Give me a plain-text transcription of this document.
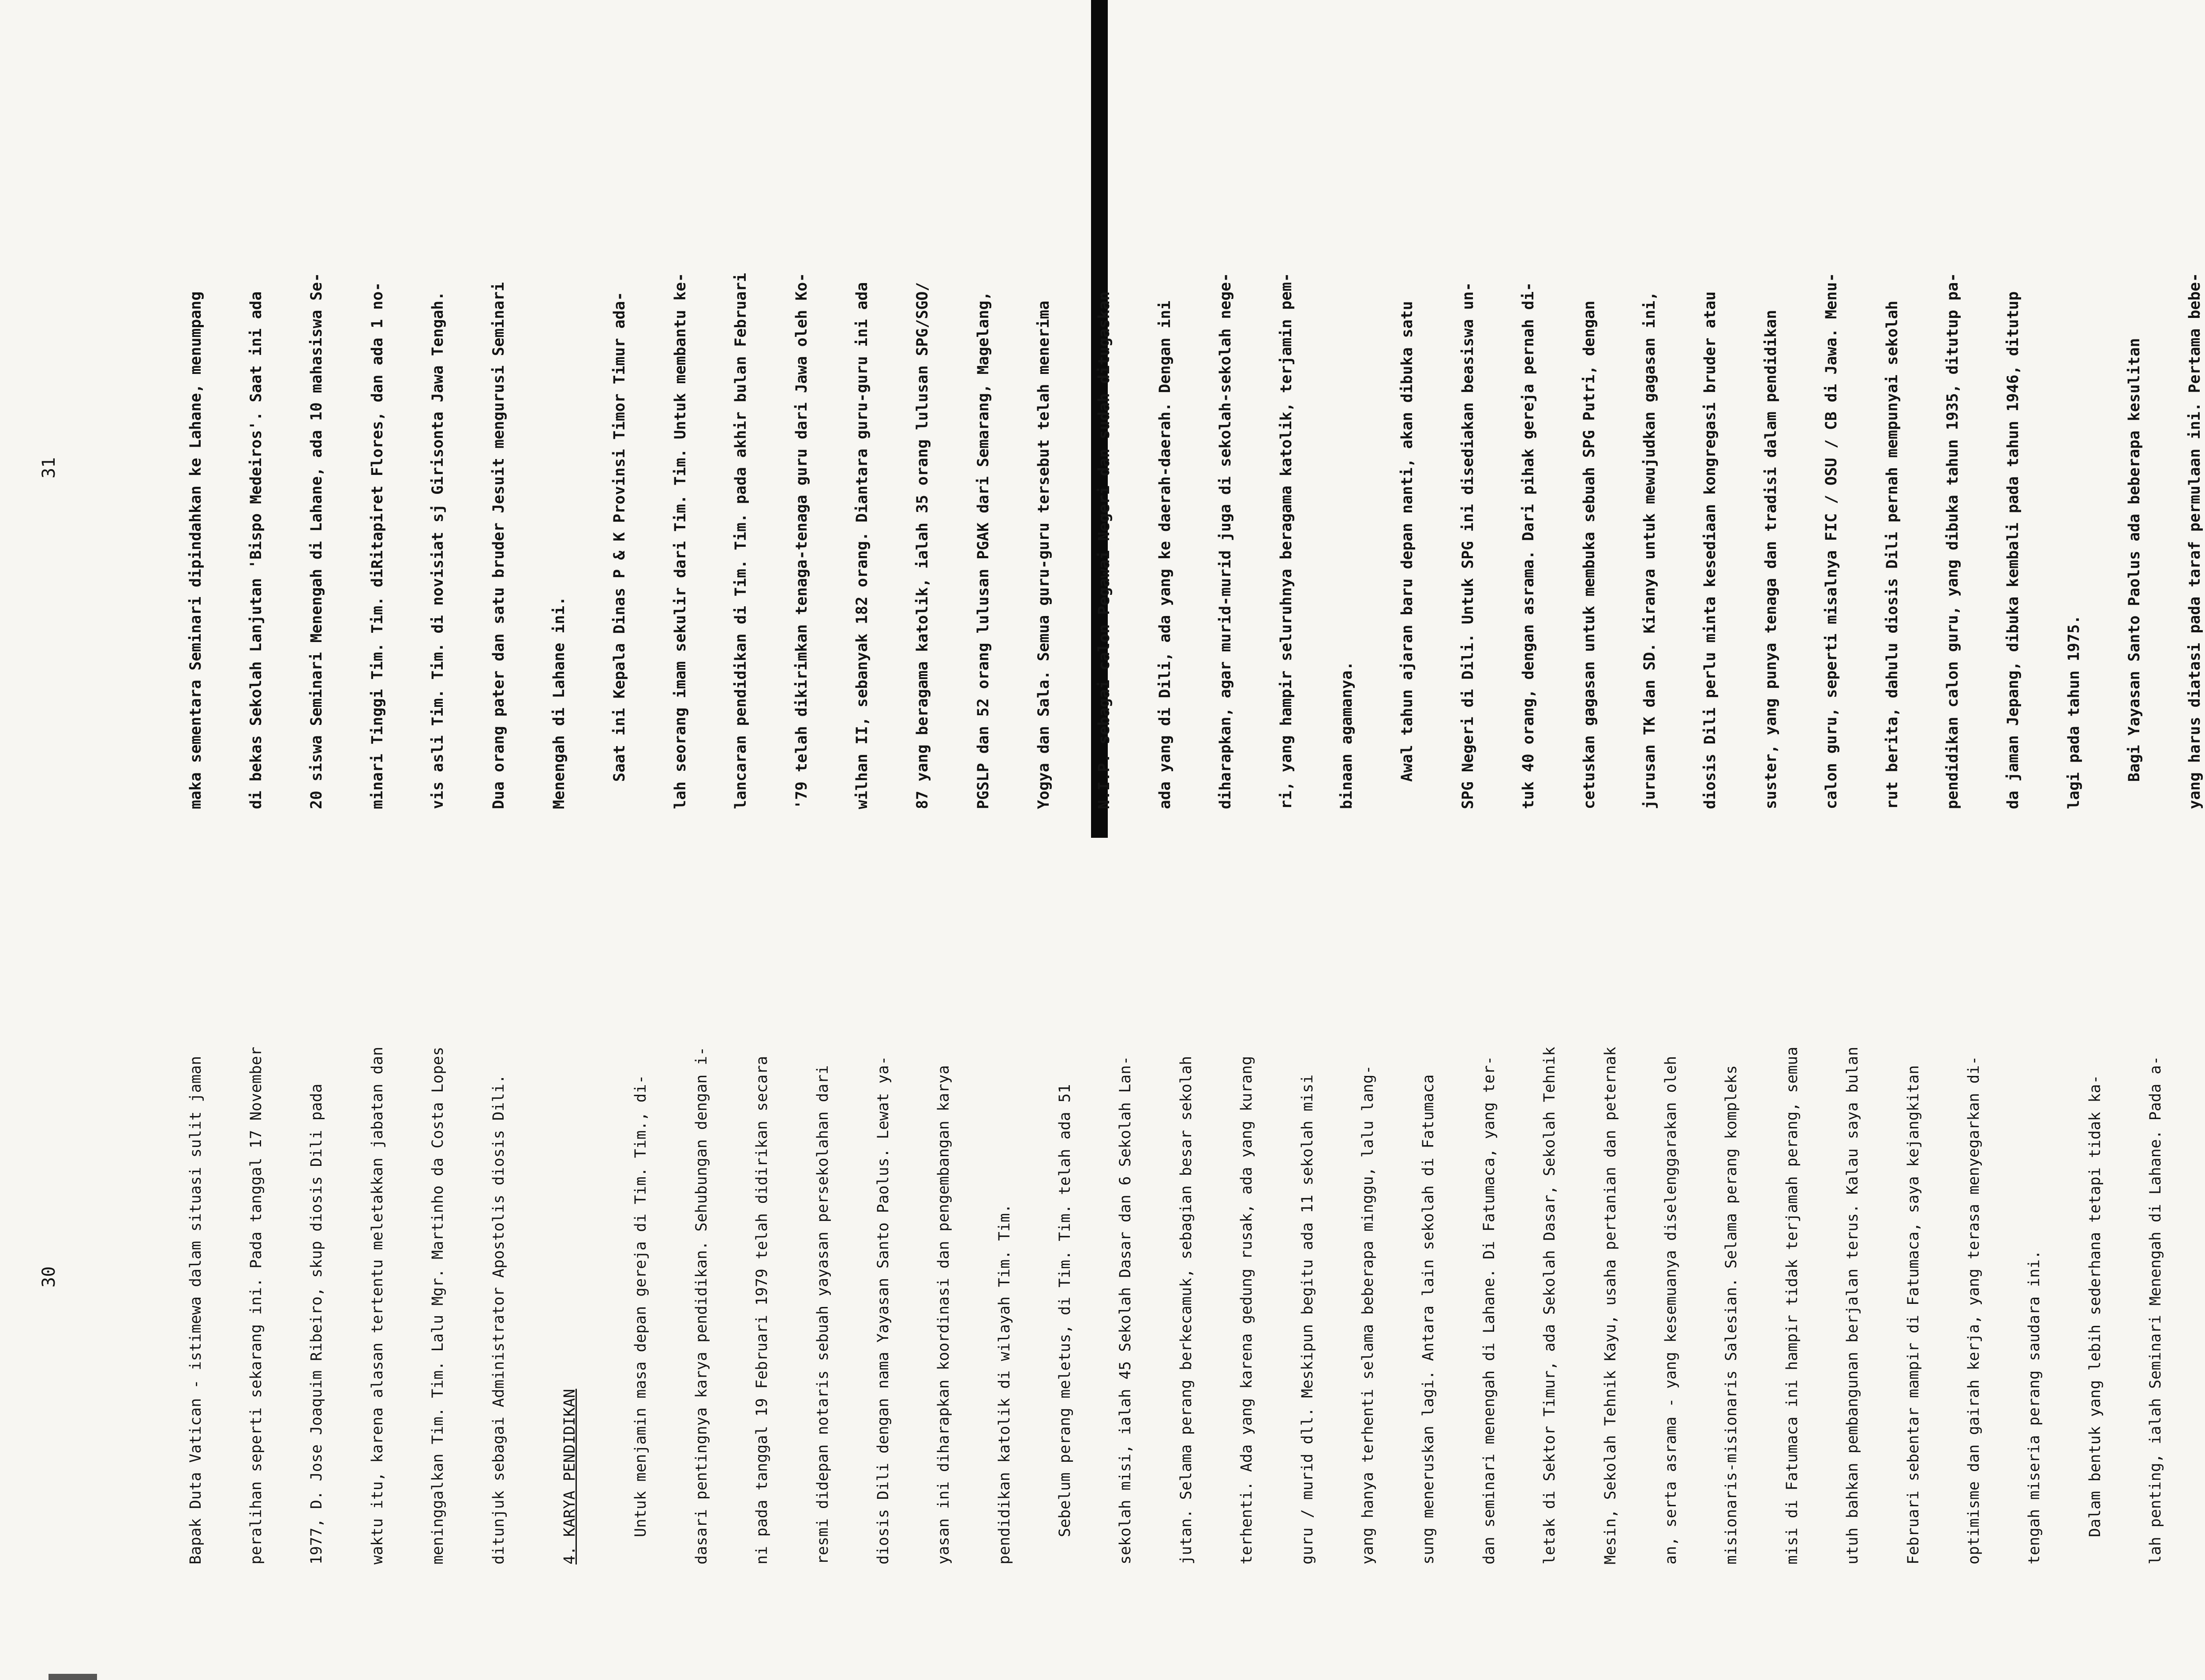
30

	Bapak Duta Vatican - istimewa dalam situasi sulit jaman

	peralihan seperti sekarang ini. Pada tanggal 17 November

	1977, D. Jose Joaquim Ribeiro, skup diosis Dili pada

	waktu itu, karena alasan tertentu meletakkan jabatan dan

	meninggalkan Tim. Tim. Lalu Mgr. Martinho da Costa Lopes

	ditunjuk sebagai Administrator Apostolis diosis Dili.

	4. KARYA PENDIDIKAN

	Untuk menjamin masa depan gereja di Tim. Tim., di-

	dasari pentingnya karya pendidikan. Sehubungan dengan i-

	ni pada tanggal 19 Februari 1979 telah didirikan secara

	resmi didepan notaris sebuah yayasan persekolahan dari

	diosis Dili dengan nama Yayasan Santo Paolus. Lewat ya-

	yasan ini diharapkan koordinasi dan pengembangan karya

	pendidikan katolik di wilayah Tim. Tim.

	Sebelum perang meletus, di Tim. Tim. telah ada 51

	sekolah misi, ialah 45 Sekolah Dasar dan 6 Sekolah Lan-

	jutan. Selama perang berkecamuk, sebagian besar sekolah

	terhenti. Ada yang karena gedung rusak, ada yang kurang

	guru / murid dll. Meskipun begitu ada 11 sekolah misi

	yang hanya terhenti selama beberapa minggu, lalu lang-

	sung meneruskan lagi. Antara lain sekolah di Fatumaca

	dan seminari menengah di Lahane. Di Fatumaca, yang ter-

	letak di Sektor Timur, ada Sekolah Dasar, Sekolah Tehnik

	Mesin, Sekolah Tehnik Kayu, usaha pertanian dan peternak

	an, serta asrama - yang kesemuanya diselenggarakan oleh

	misionaris-misionaris Salesian. Selama perang kompleks

	misi di Fatumaca ini hampir tidak terjamah perang, semua

	utuh bahkan pembangunan berjalan terus. Kalau saya bulan

	Februari sebentar mampir di Fatumaca, saya kejangkitan

	optimisme dan gairah kerja, yang terasa menyegarkan di-

	tengah miseria perang saudara ini.

	Dalam bentuk yang lebih sederhana tetapi tidak ka-

	lah penting, ialah Seminari Menengah di Lahane. Pada a-

31

	maka sementara Seminari dipindahkan ke Lahane, menumpang

	di bekas Sekolah Lanjutan 'Bispo Medeiros'. Saat ini ada

	20 siswa Seminari Menengah di Lahane, ada 10 mahasiswa Se-

	minari Tinggi Tim. Tim. diRitapiret Flores, dan ada 1 no-

	vis asli Tim. Tim. di novisiat sj Girisonta Jawa Tengah.

	Dua orang pater dan satu bruder Jesuit mengurusi Seminari

	Menengah di Lahane ini.

	Saat ini Kepala Dinas P & K Provinsi Timor Timur ada-

	lah seorang imam sekulir dari Tim. Tim. Untuk membantu ke-

	lancaran pendidikan di Tim. Tim. pada akhir bulan Februari

	'79 telah dikirimkan tenaga-tenaga guru dari Jawa oleh Ko-

	wilhan II, sebanyak 182 orang. Diantara guru-guru ini ada

	87 yang beragama katolik, ialah 35 orang lulusan SPG/SGO/

	PGSLP dan 52 orang lulusan PGAK dari Semarang, Magelang,

	Yogya dan Sala. Semua guru-guru tersebut telah menerima

	N.I.P. sebagai calon Pegawai Negeri dan sudah ditugaskan

	ada yang di Dili, ada yang ke daerah-daerah. Dengan ini

	diharapkan, agar murid-murid juga di sekolah-sekolah nege-

	ri, yang hampir seluruhnya beragama katolik, terjamin pem-

	binaan agamanya.

	Awal tahun ajaran baru depan nanti, akan dibuka satu

	SPG Negeri di Dili. Untuk SPG ini disediakan beasiswa un-

	tuk 40 orang, dengan asrama. Dari pihak gereja pernah di-

	cetuskan gagasan untuk membuka sebuah SPG Putri, dengan

	jurusan TK dan SD. Kiranya untuk mewujudkan gagasan ini,

	diosis Dili perlu minta kesediaan kongregasi bruder atau

	suster, yang punya tenaga dan tradisi dalam pendidikan

	calon guru, seperti misalnya FIC / OSU / CB di Jawa. Menu-

	rut berita, dahulu diosis Dili pernah mempunyai sekolah

	pendidikan calon guru, yang dibuka tahun 1935, ditutup pa-

	da jaman Jepang, dibuka kembali pada tahun 1946, ditutup

	lagi pada tahun 1975.

	Bagi Yayasan Santo Paolus ada beberapa kesulitan

	yang harus diatasi pada taraf permulaan ini. Pertama bebe-
